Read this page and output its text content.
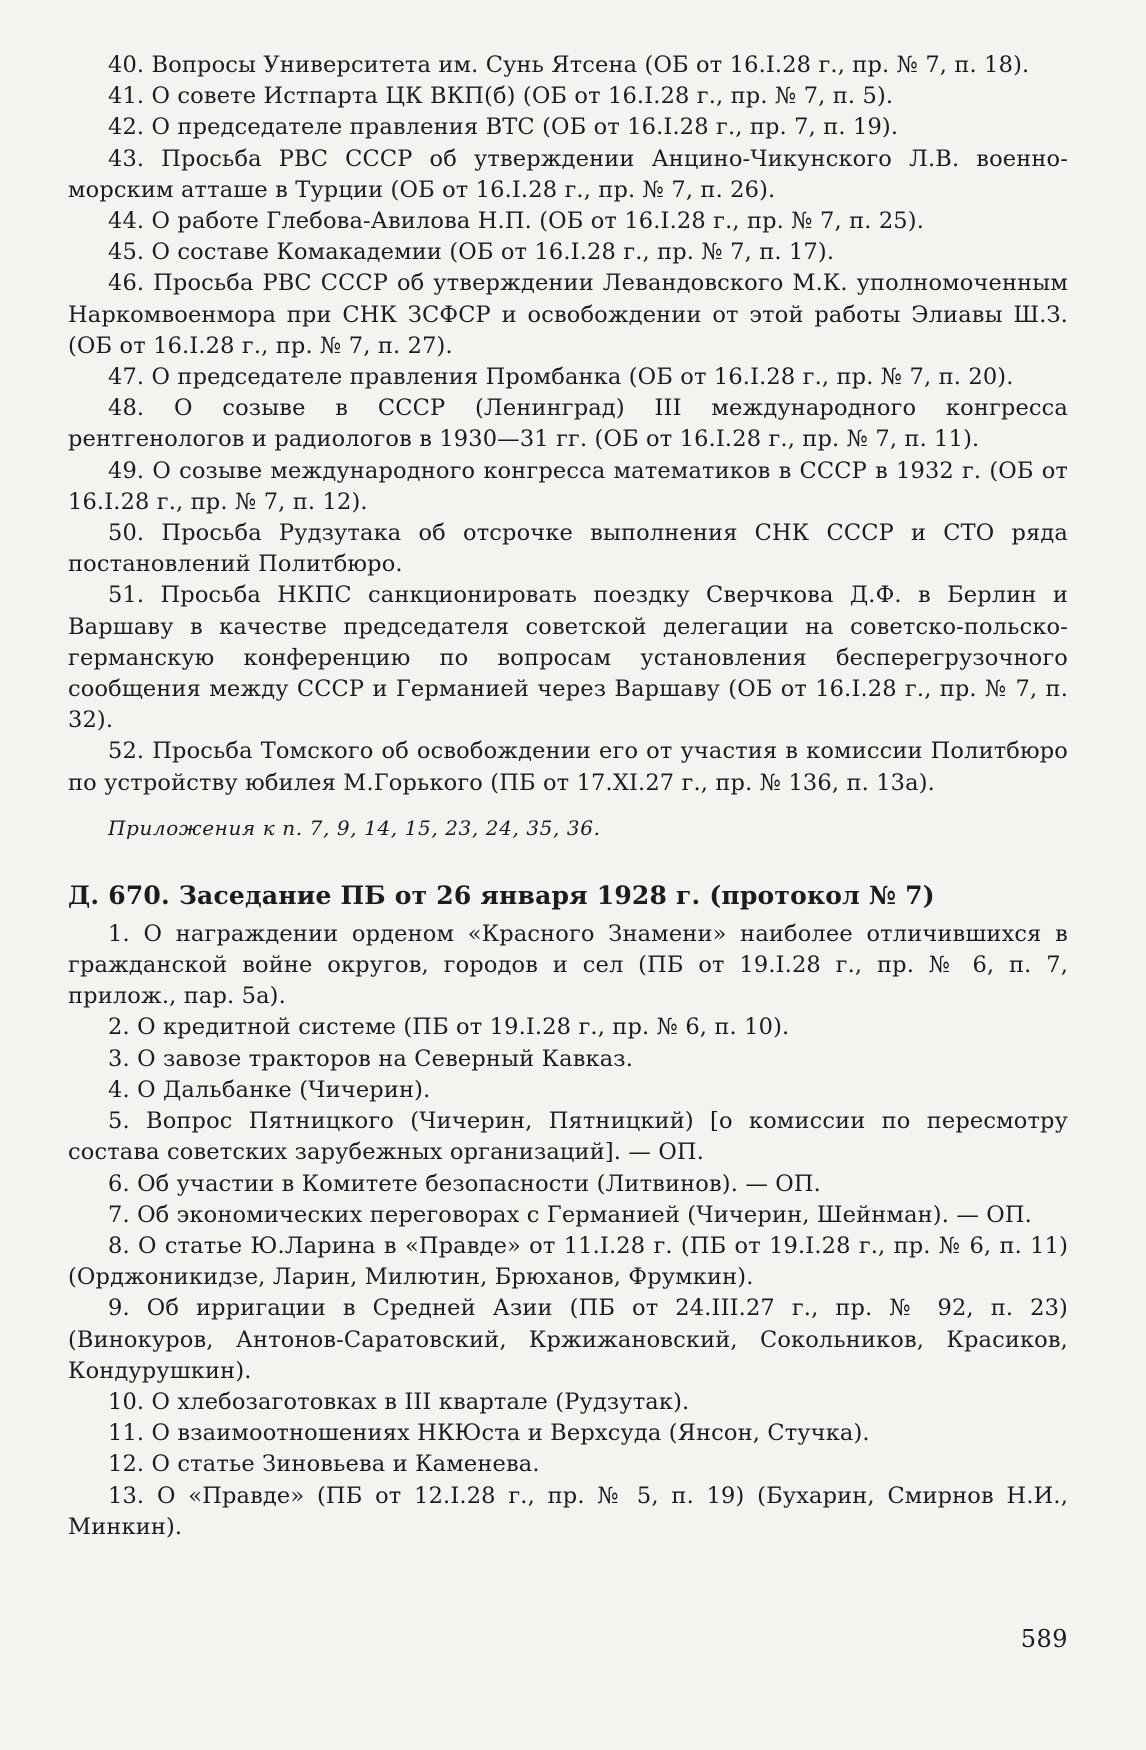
40. Вопросы Университета им. Сунь Ятсена (ОБ от 16.I.28 г., пр. № 7, п. 18).

41. О совете Истпарта ЦК ВКП(б) (ОБ от 16.I.28 г., пр. № 7, п. 5).

42. О председателе правления ВТС (ОБ от 16.I.28 г., пр. 7, п. 19).

43. Просьба РВС СССР об утверждении Анцино-Чикунского Л.В. военно-морским атташе в Турции (ОБ от 16.I.28 г., пр. № 7, п. 26).

44. О работе Глебова-Авилова Н.П. (ОБ от 16.I.28 г., пр. № 7, п. 25).

45. О составе Комакадемии (ОБ от 16.I.28 г., пр. № 7, п. 17).

46. Просьба РВС СССР об утверждении Левандовского М.К. уполномоченным Наркомвоенмора при СНК ЗСФСР и освобождении от этой работы Элиавы Ш.З. (ОБ от 16.I.28 г., пр. № 7, п. 27).

47. О председателе правления Промбанка (ОБ от 16.I.28 г., пр. № 7, п. 20).

48. О созыве в СССР (Ленинград) III международного конгресса рентгенологов и радиологов в 1930—31 гг. (ОБ от 16.I.28 г., пр. № 7, п. 11).

49. О созыве международного конгресса математиков в СССР в 1932 г. (ОБ от 16.I.28 г., пр. № 7, п. 12).

50. Просьба Рудзутака об отсрочке выполнения СНК СССР и СТО ряда постановлений Политбюро.

51. Просьба НКПС санкционировать поездку Сверчкова Д.Ф. в Берлин и Варшаву в качестве председателя советской делегации на советско-польско-германскую конференцию по вопросам установления бесперегрузочного сообщения между СССР и Германией через Варшаву (ОБ от 16.I.28 г., пр. № 7, п. 32).

52. Просьба Томского об освобождении его от участия в комиссии Политбюро по устройству юбилея М.Горького (ПБ от 17.XI.27 г., пр. № 136, п. 13а).

Приложения к п. 7, 9, 14, 15, 23, 24, 35, 36.

Д. 670. Заседание ПБ от 26 января 1928 г. (протокол № 7)

1. О награждении орденом «Красного Знамени» наиболее отличившихся в гражданской войне округов, городов и сел (ПБ от 19.I.28 г., пр. № 6, п. 7, прилож., пар. 5а).

2. О кредитной системе (ПБ от 19.I.28 г., пр. № 6, п. 10).

3. О завозе тракторов на Северный Кавказ.

4. О Дальбанке (Чичерин).

5. Вопрос Пятницкого (Чичерин, Пятницкий) [о комиссии по пересмотру состава советских зарубежных организаций]. — ОП.

6. Об участии в Комитете безопасности (Литвинов). — ОП.

7. Об экономических переговорах с Германией (Чичерин, Шейнман). — ОП.

8. О статье Ю.Ларина в «Правде» от 11.I.28 г. (ПБ от 19.I.28 г., пр. № 6, п. 11) (Орджоникидзе, Ларин, Милютин, Брюханов, Фрумкин).

9. Об ирригации в Средней Азии (ПБ от 24.III.27 г., пр. № 92, п. 23) (Винокуров, Антонов-Саратовский, Кржижановский, Сокольников, Красиков, Кондурушкин).

10. О хлебозаготовках в III квартале (Рудзутак).

11. О взаимоотношениях НКЮста и Верхсуда (Янсон, Стучка).

12. О статье Зиновьева и Каменева.

13. О «Правде» (ПБ от 12.I.28 г., пр. № 5, п. 19) (Бухарин, Смирнов Н.И., Минкин).

589
